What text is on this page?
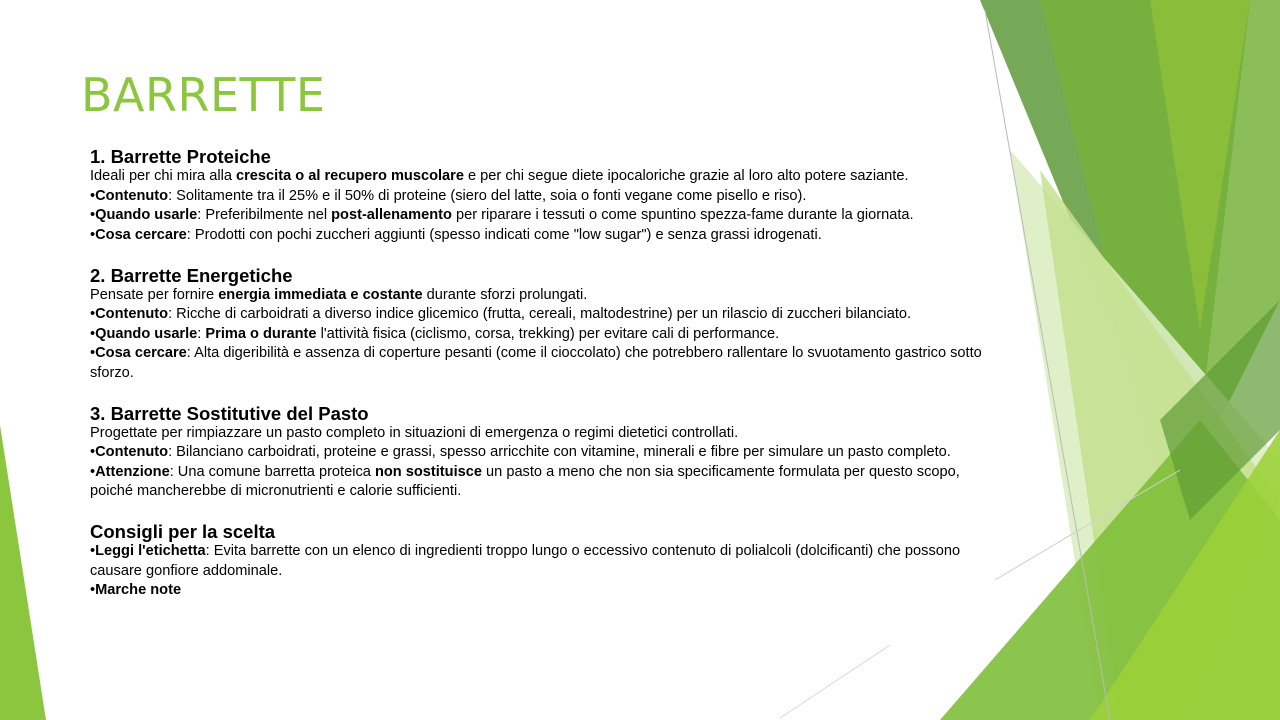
BARRETTE
1. Barrette Proteiche

Ideali per chi mira alla crescita o al recupero muscolare e per chi segue diete ipocaloriche grazie al loro alto potere saziante.

•Contenuto: Solitamente tra il 25% e il 50% di proteine (siero del latte, soia o fonti vegane come pisello e riso).

•Quando usarle: Preferibilmente nel post-allenamento per riparare i tessuti o come spuntino spezza-fame durante la giornata.

•Cosa cercare: Prodotti con pochi zuccheri aggiunti (spesso indicati come "low sugar") e senza grassi idrogenati.

2. Barrette Energetiche

Pensate per fornire energia immediata e costante durante sforzi prolungati.

•Contenuto: Ricche di carboidrati a diverso indice glicemico (frutta, cereali, maltodestrine) per un rilascio di zuccheri bilanciato.

•Quando usarle: Prima o durante l'attività fisica (ciclismo, corsa, trekking) per evitare cali di performance.

•Cosa cercare: Alta digeribilità e assenza di coperture pesanti (come il cioccolato) che potrebbero rallentare lo svuotamento gastrico sotto sforzo.

3. Barrette Sostitutive del Pasto

Progettate per rimpiazzare un pasto completo in situazioni di emergenza o regimi dietetici controllati.

•Contenuto: Bilanciano carboidrati, proteine e grassi, spesso arricchite con vitamine, minerali e fibre per simulare un pasto completo.

•Attenzione: Una comune barretta proteica non sostituisce un pasto a meno che non sia specificamente formulata per questo scopo, poiché mancherebbe di micronutrienti e calorie sufficienti.

Consigli per la scelta

•Leggi l'etichetta: Evita barrette con un elenco di ingredienti troppo lungo o eccessivo contenuto di polialcoli (dolcificanti) che possono causare gonfiore addominale.

•Marche note
